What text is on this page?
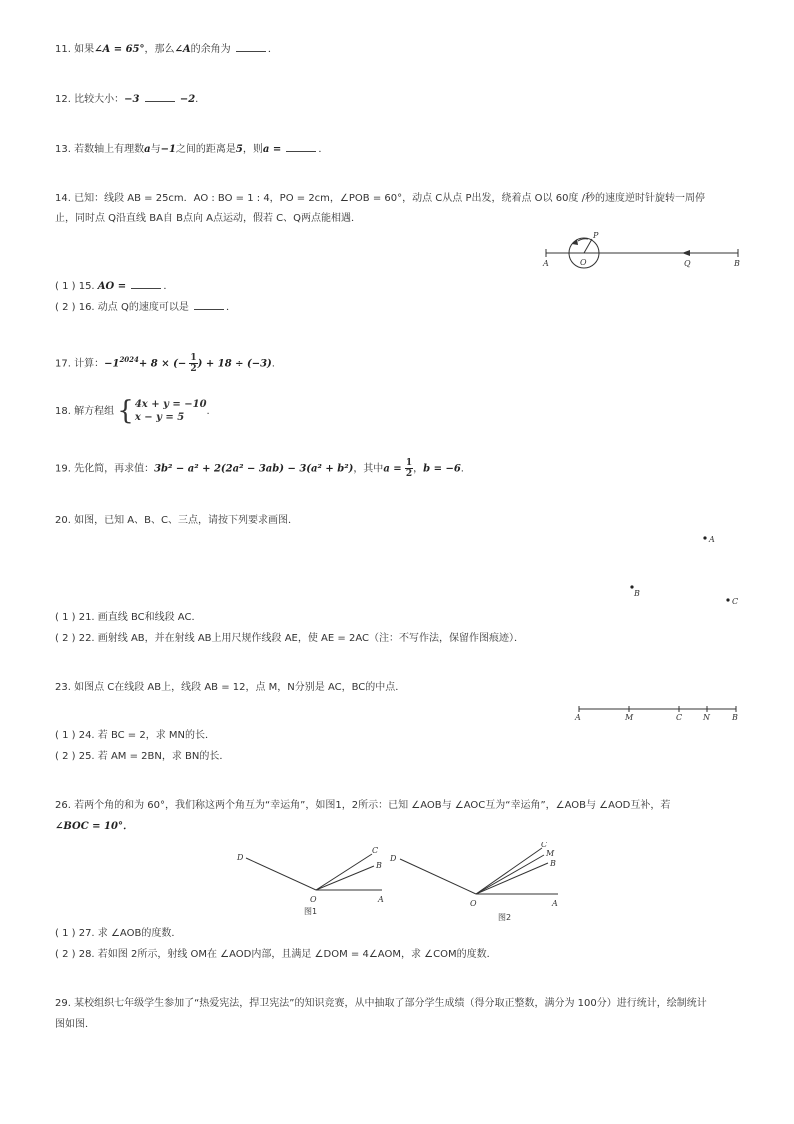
11. 如果∠A = 65°，那么∠A的余角为	．
12. 比较大小：−3	−2.
13. 若数轴上有理数a与−1之间的距离是5，则a =	．
14. 已知：线段 AB = 25cm．AO : BO = 1 : 4，PO = 2cm，∠POB = 60°，动点 C从点 P出发，绕着点 O以 60度 /秒的速度逆时针旋转一周停
止，同时点 Q沿直线 BA自 B点向 A点运动，假若 C、Q两点能相遇．
A	O
P
Q	B
( 1 ) 15. AO =	．
( 2 ) 16. 动点 Q的速度可以是	．
17. 计算：$-1^{2024}+ 8$ × (− $\frac{1}{2}$ ) + 18 ÷ (−3).
18. 解方程组 { 4x + y = −10
x − y = 5
.
19. 先化简，再求值：3b² − a² + 2(2a² − 3ab) − 3(a² + b²)，其中$a = \frac{1}{2}$ ，b = −6.
20. 如图，已知 A、B、C、三点，请按下列要求画图．
A
B
C
( 1 ) 21. 画直线 BC和线段 AC．
( 2 ) 22. 画射线 AB，并在射线 AB上用尺规作线段 AE，使 AE = 2AC（注：不写作法，保留作图痕迹）．
23. 如图点 C在线段 AB上，线段 AB = 12，点 M，N分别是 AC，BC的中点．
A	M	C	N	B
( 1 ) 24. 若 BC = 2，求 MN的长．
( 2 ) 25. 若 AM = 2BN，求 BN的长．
26. 若两个角的和为 60°，我们称这两个角互为“幸运角”，如图1，2所示：已知 ∠AOB与 ∠AOC互为“幸运角”，∠AOB与 ∠AOD互补，若
∠BOC = 10°．
D
C
B
O	A
图1
D
C
M
B
O	A
图2
( 1 ) 27. 求 ∠AOB的度数．
( 2 ) 28. 若如图 2所示，射线 OM在 ∠AOD内部，且满足 ∠DOM = 4∠AOM，求 ∠COM的度数．
29. 某校组织七年级学生参加了“热爱宪法，捍卫宪法”的知识竞赛，从中抽取了部分学生成绩（得分取正整数，满分为 100分）进行统计，绘制统计
图如图．
